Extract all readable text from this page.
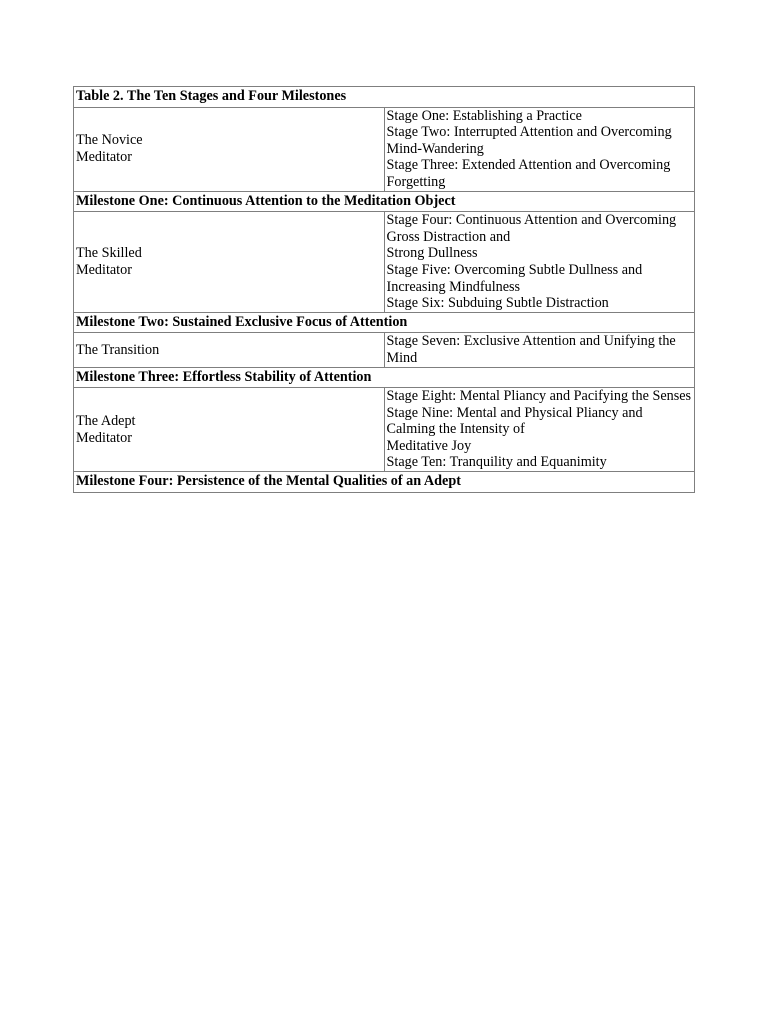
Table 2. The Ten Stages and Four Milestones	

The Novice
Meditator	Stage One: Establishing a Practice
Stage Two: Interrupted Attention and Overcoming Mind-Wandering
Stage Three: Extended Attention and Overcoming Forgetting

Milestone One: Continuous Attention to the Meditation Object	

The Skilled
Meditator	Stage Four: Continuous Attention and Overcoming Gross Distraction and
Strong Dullness
Stage Five: Overcoming Subtle Dullness and Increasing Mindfulness
Stage Six: Subduing Subtle Distraction

Milestone Two: Sustained Exclusive Focus of Attention	

The Transition	Stage Seven: Exclusive Attention and Unifying the Mind

Milestone Three: Effortless Stability of Attention	

The Adept
Meditator	Stage Eight: Mental Pliancy and Pacifying the Senses
Stage Nine: Mental and Physical Pliancy and Calming the Intensity of
Meditative Joy
Stage Ten: Tranquility and Equanimity

Milestone Four: Persistence of the Mental Qualities of an Adept	
